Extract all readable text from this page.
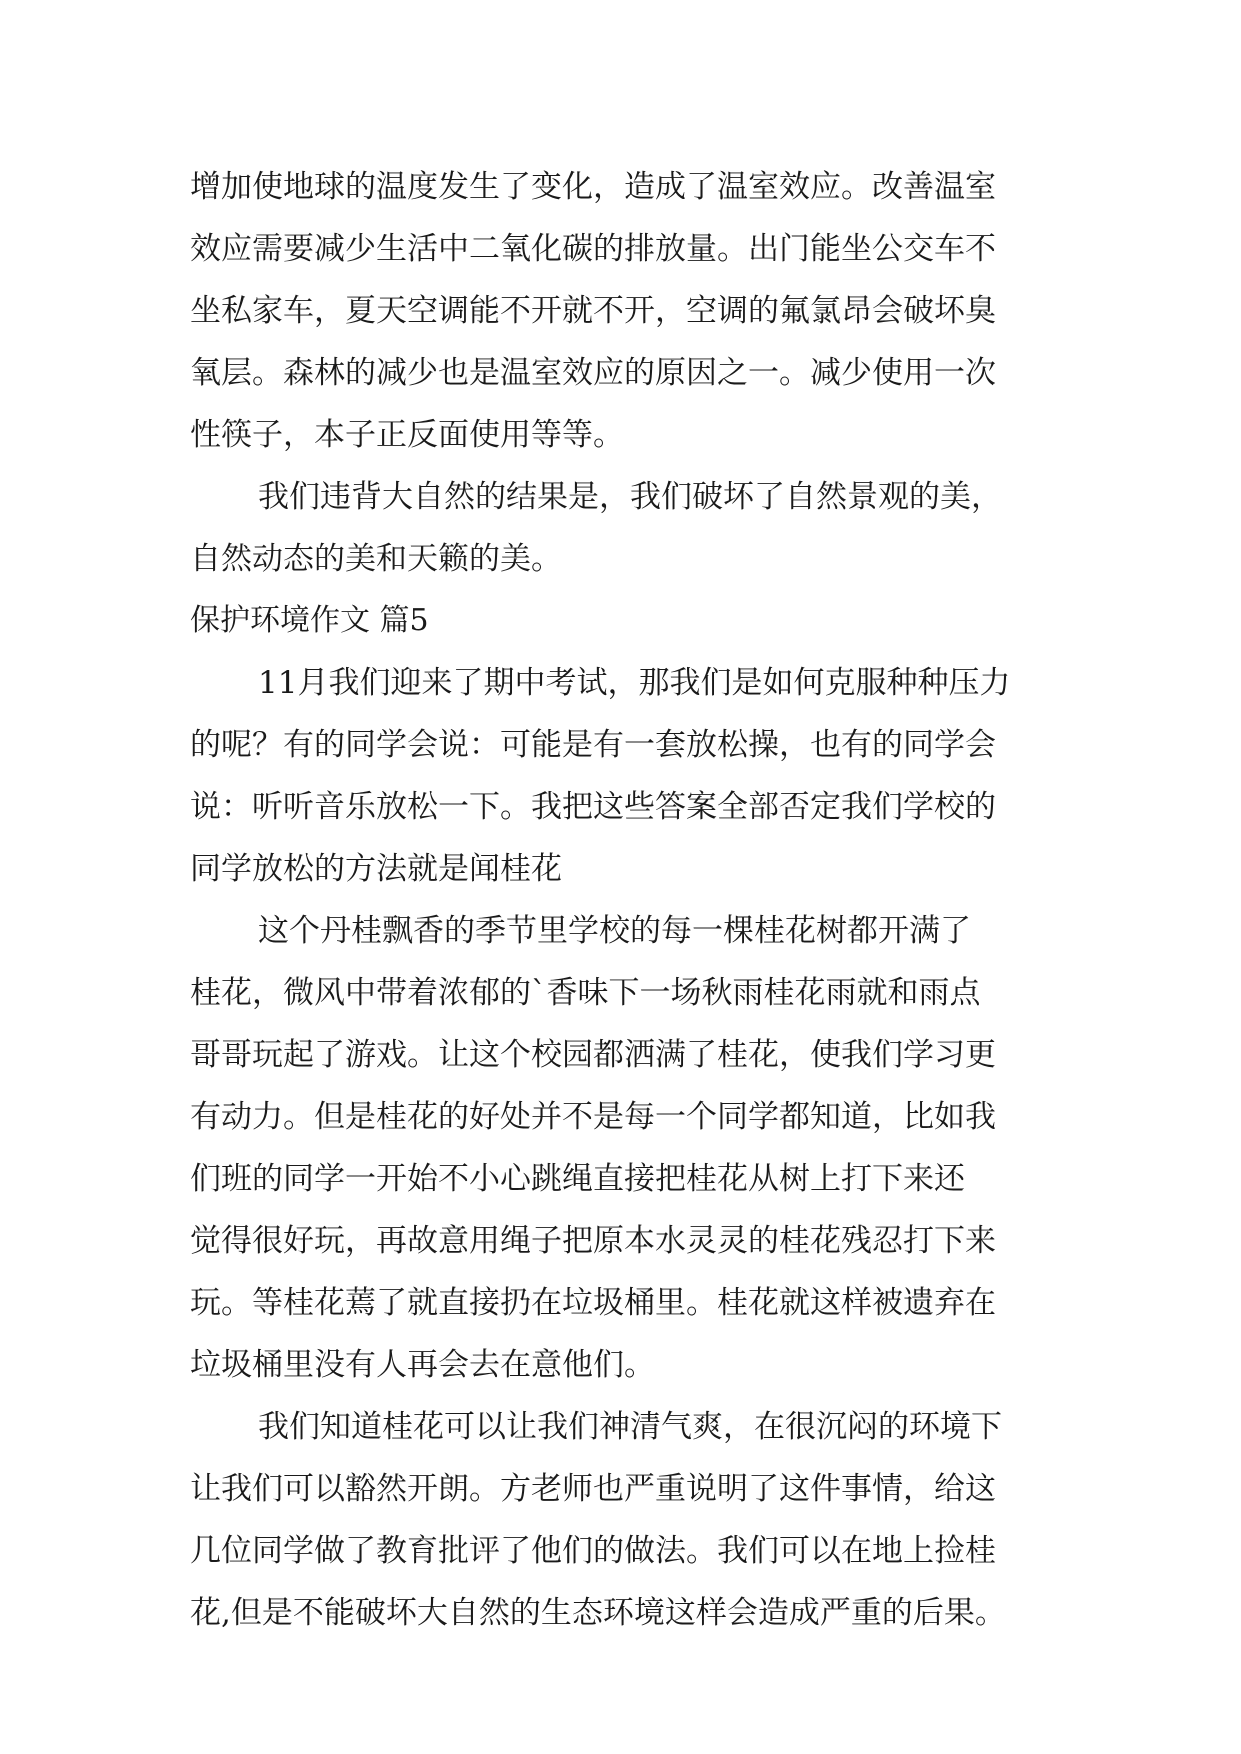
增加使地球的温度发生了变化，造成了温室效应。改善温室
效应需要减少生活中二氧化碳的排放量。出门能坐公交车不
坐私家车，夏天空调能不开就不开，空调的氟氯昂会破坏臭
氧层。森林的减少也是温室效应的原因之一。减少使用一次
性筷子，本子正反面使用等等。
我们违背大自然的结果是，我们破坏了自然景观的美，
自然动态的美和天籁的美。
保护环境作文 篇5
11月我们迎来了期中考试，那我们是如何克服种种压力
的呢？有的同学会说：可能是有一套放松操，也有的同学会
说：听听音乐放松一下。我把这些答案全部否定我们学校的
同学放松的方法就是闻桂花
这个丹桂飘香的季节里学校的每一棵桂花树都开满了
桂花，微风中带着浓郁的`香味下一场秋雨桂花雨就和雨点
哥哥玩起了游戏。让这个校园都洒满了桂花，使我们学习更
有动力。但是桂花的好处并不是每一个同学都知道，比如我
们班的同学一开始不小心跳绳直接把桂花从树上打下来还
觉得很好玩，再故意用绳子把原本水灵灵的桂花残忍打下来
玩。等桂花蔫了就直接扔在垃圾桶里。桂花就这样被遗弃在
垃圾桶里没有人再会去在意他们。
我们知道桂花可以让我们神清气爽，在很沉闷的环境下
让我们可以豁然开朗。方老师也严重说明了这件事情，给这
几位同学做了教育批评了他们的做法。我们可以在地上捡桂
花,但是不能破坏大自然的生态环境这样会造成严重的后果。
